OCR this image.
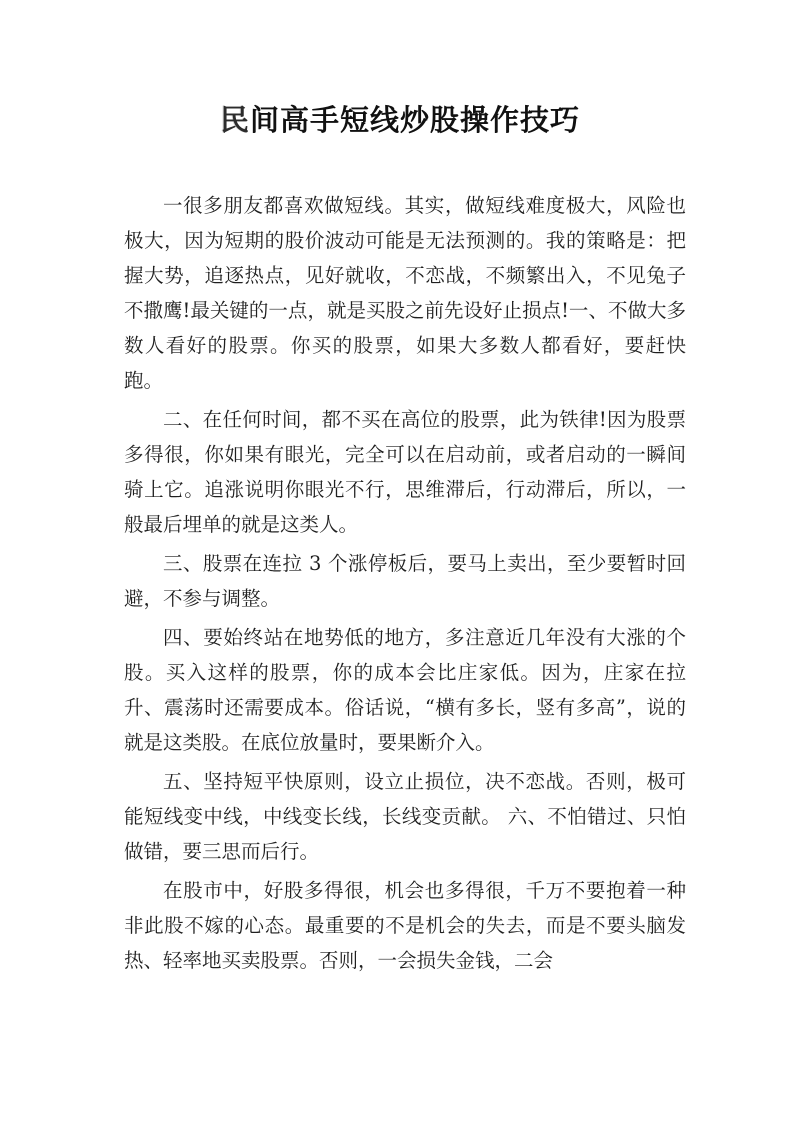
民间高手短线炒股操作技巧

一很多朋友都喜欢做短线。其实，做短线难度极大，风险也极大，因为短期的股价波动可能是无法预测的。我的策略是：把握大势，追逐热点，见好就收，不恋战，不频繁出入，不见兔子不撒鹰!最关键的一点，就是买股之前先设好止损点!一、不做大多数人看好的股票。你买的股票，如果大多数人都看好，要赶快跑。

二、在任何时间，都不买在高位的股票，此为铁律!因为股票多得很，你如果有眼光，完全可以在启动前，或者启动的一瞬间骑上它。追涨说明你眼光不行，思维滞后，行动滞后，所以，一般最后埋单的就是这类人。

三、股票在连拉 3 个涨停板后，要马上卖出，至少要暂时回避，不参与调整。

四、要始终站在地势低的地方，多注意近几年没有大涨的个股。买入这样的股票，你的成本会比庄家低。因为，庄家在拉升、震荡时还需要成本。俗话说，“横有多长，竖有多高”，说的就是这类股。在底位放量时，要果断介入。

五、坚持短平快原则，设立止损位，决不恋战。否则，极可能短线变中线，中线变长线，长线变贡献。 六、不怕错过、只怕做错，要三思而后行。

在股市中，好股多得很，机会也多得很，千万不要抱着一种非此股不嫁的心态。最重要的不是机会的失去，而是不要头脑发热、轻率地买卖股票。否则，一会损失金钱，二会
